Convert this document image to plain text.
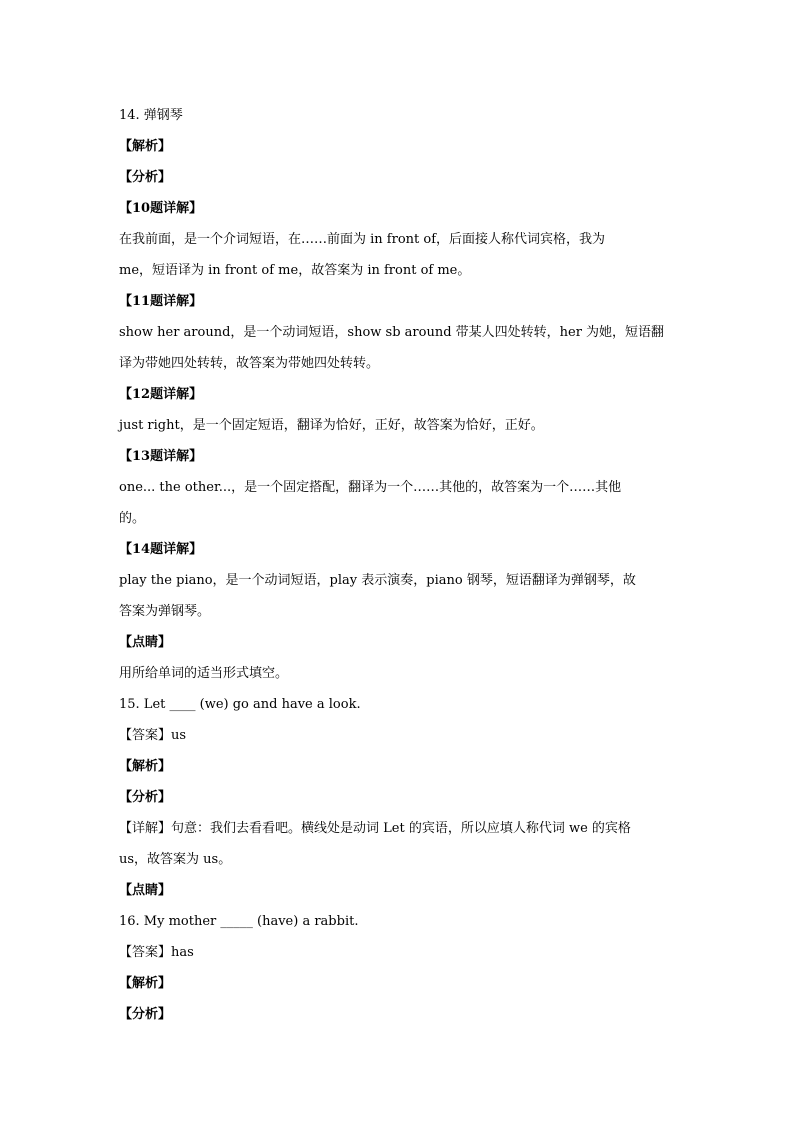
14. 弹钢琴
【解析】
【分析】
【10题详解】
在我前面，是一个介词短语，在……前面为 in front of，后面接人称代词宾格，我为
me，短语译为 in front of me，故答案为 in front of me。
【11题详解】
show her around，是一个动词短语，show sb around 带某人四处转转，her 为她，短语翻
译为带她四处转转，故答案为带她四处转转。
【12题详解】
just right，是一个固定短语，翻译为恰好，正好，故答案为恰好，正好。
【13题详解】
one... the other...，是一个固定搭配，翻译为一个……其他的，故答案为一个……其他
的。
【14题详解】
play the piano，是一个动词短语，play 表示演奏，piano 钢琴，短语翻译为弹钢琴，故
答案为弹钢琴。
【点睛】
用所给单词的适当形式填空。
15. Let ____ (we) go and have a look.
【答案】us
【解析】
【分析】
【详解】句意：我们去看看吧。横线处是动词 Let 的宾语，所以应填人称代词 we 的宾格
us，故答案为 us。
【点睛】
16. My mother _____ (have) a rabbit.
【答案】has
【解析】
【分析】
